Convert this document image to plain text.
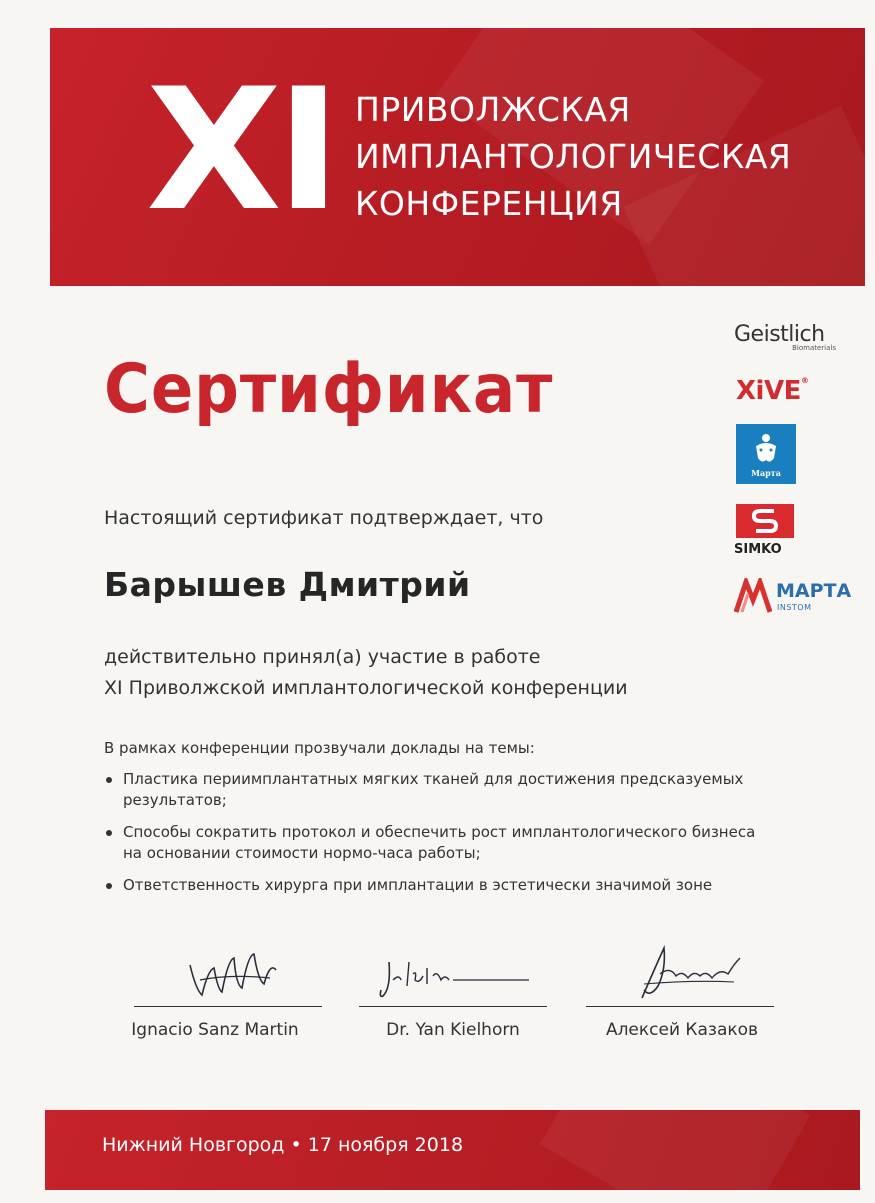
XI ПРИВОЛЖСКАЯ
ИМПЛАНТОЛОГИЧЕСКАЯ
КОНФЕРЕНЦИЯ
Сертификат
Настоящий сертификат подтверждает, что
Барышев Дмитрий
действительно принял(а) участие в работе
XI Приволжской имплантологической конференции
В рамках конференции прозвучали доклады на темы:
Пластика периимплантатных мягких тканей для достижения предсказуемых результатов;
Способы сократить протокол и обеспечить рост имплантологического бизнеса на основании стоимости нормо-часа работы;
Ответственность хирурга при имплантации в эстетически значимой зоне
Geistlich
Biomaterials
XiVE®
Марта
SIMKO
МАРТА
INSTOM
Ignacio Sanz Martin	Dr. Yan Kielhorn	Алексей Казаков
Нижний Новгород • 17 ноября 2018
